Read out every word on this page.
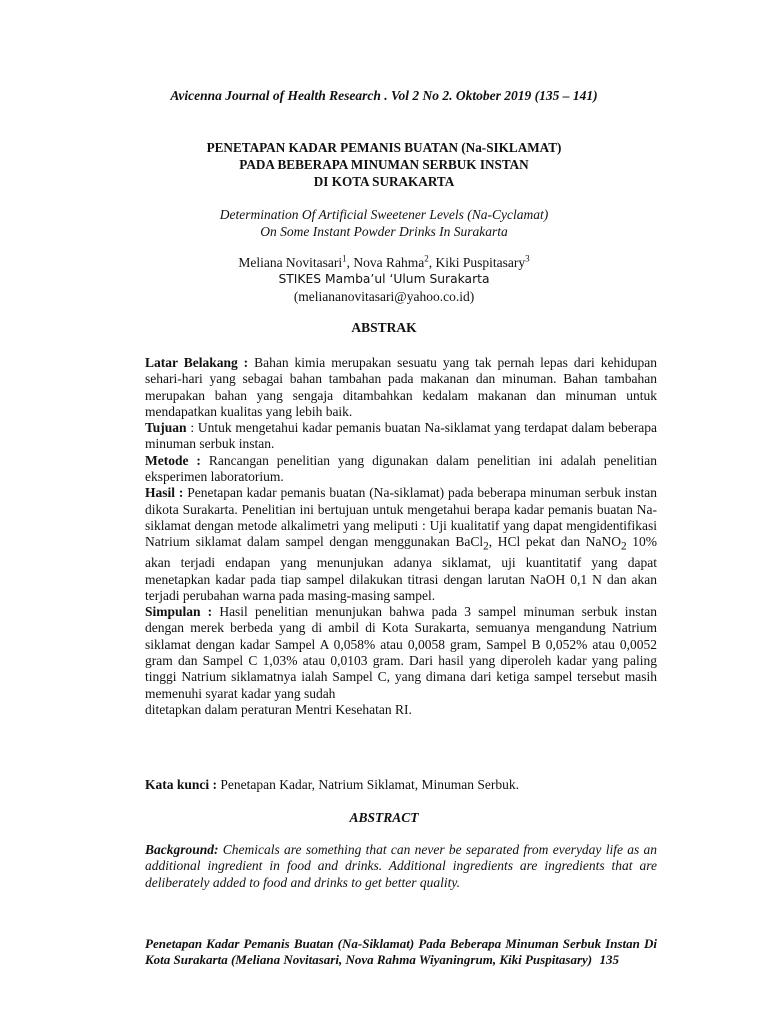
Avicenna Journal of Health Research . Vol 2 No 2. Oktober 2019 (135 – 141)
PENETAPAN KADAR PEMANIS BUATAN (Na-SIKLAMAT)
PADA BEBERAPA MINUMAN SERBUK INSTAN
DI KOTA SURAKARTA
Determination Of Artificial Sweetener Levels (Na-Cyclamat)
On Some Instant Powder Drinks In Surakarta
Meliana Novitasari$^1$, Nova Rahma$^2$, Kiki Puspitasary$^3$
STIKES Mamba’ul ‘Ulum Surakarta
(meliananovitasari@yahoo.co.id)
ABSTRAK

Latar Belakang : Bahan kimia merupakan sesuatu yang tak pernah lepas dari kehidupan sehari-hari yang sebagai bahan tambahan pada makanan dan minuman. Bahan tambahan merupakan bahan yang sengaja ditambahkan kedalam makanan dan minuman untuk mendapatkan kualitas yang lebih baik.

Tujuan : Untuk mengetahui kadar pemanis buatan Na-siklamat yang terdapat dalam beberapa minuman serbuk instan.

Metode : Rancangan penelitian yang digunakan dalam penelitian ini adalah penelitian eksperimen laboratorium.

Hasil : Penetapan kadar pemanis buatan (Na-siklamat) pada beberapa minuman serbuk instan dikota Surakarta. Penelitian ini bertujuan untuk mengetahui berapa kadar pemanis buatan Na-siklamat dengan metode alkalimetri yang meliputi : Uji kualitatif yang dapat mengidentifikasi Natrium siklamat dalam sampel dengan menggunakan BaCl$_2$, HCl pekat dan NaNO$_2$ 10% akan terjadi endapan yang menunjukan adanya siklamat, uji kuantitatif yang dapat menetapkan kadar pada tiap sampel dilakukan titrasi dengan larutan NaOH 0,1 N dan akan terjadi perubahan warna pada masing-masing sampel.

Simpulan : Hasil penelitian menunjukan bahwa pada 3 sampel minuman serbuk instan dengan merek berbeda yang di ambil di Kota Surakarta, semuanya mengandung Natrium siklamat dengan kadar Sampel A 0,058% atau 0,0058 gram, Sampel B 0,052% atau 0,0052 gram dan Sampel C 1,03% atau 0,0103 gram. Dari hasil yang diperoleh kadar yang paling tinggi Natrium siklamatnya ialah Sampel C, yang dimana dari ketiga sampel tersebut masih memenuhi syarat kadar yang sudah

ditetapkan dalam peraturan Mentri Kesehatan RI.

Kata kunci : Penetapan Kadar, Natrium Siklamat, Minuman Serbuk.
ABSTRACT
Background: Chemicals are something that can never be separated from everyday life as an additional ingredient in food and drinks. Additional ingredients are ingredients that are deliberately added to food and drinks to get better quality.
Penetapan Kadar Pemanis Buatan (Na-Siklamat) Pada Beberapa Minuman Serbuk Instan Di Kota Surakarta (Meliana Novitasari, Nova Rahma Wiyaningrum, Kiki Puspitasary) 135
